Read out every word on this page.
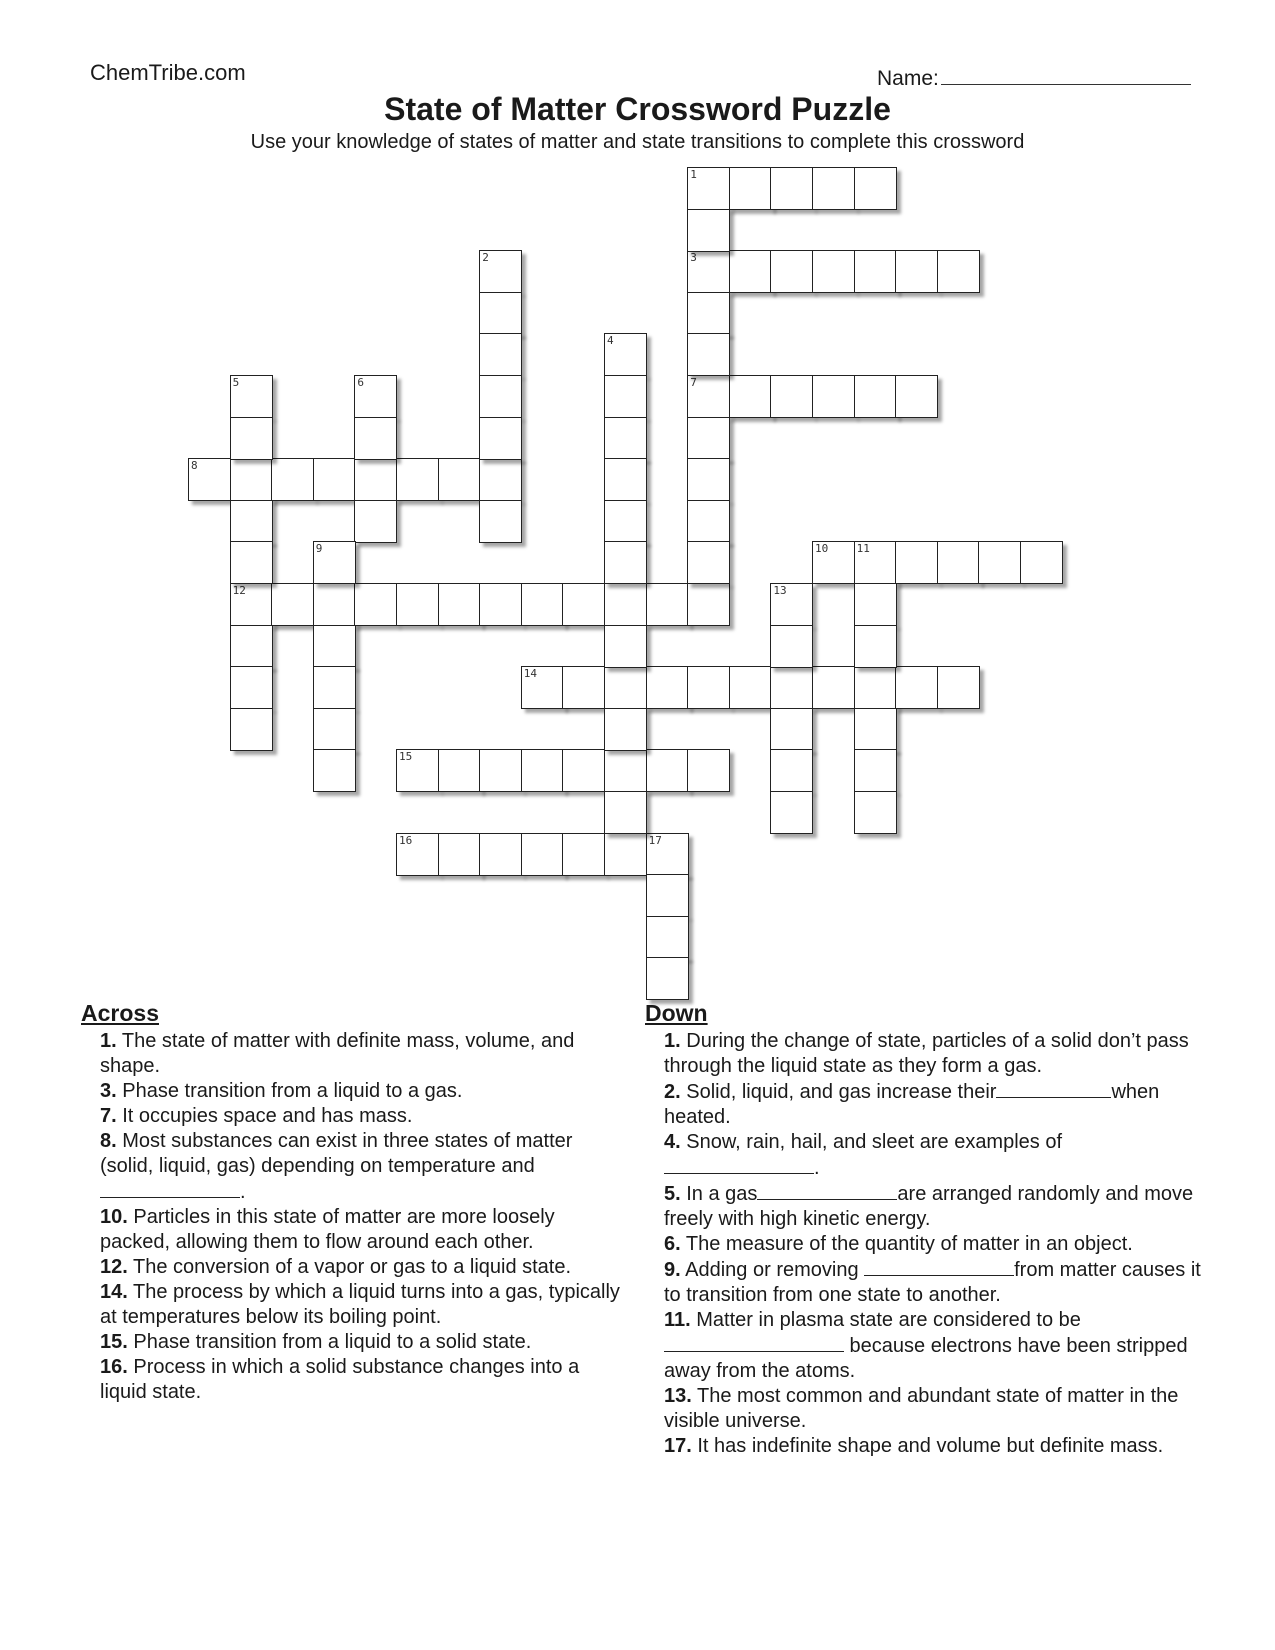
ChemTribe.com	Name:
State of Matter Crossword Puzzle
Use your knowledge of states of matter and state transitions to complete this crossword
1
3
7
8
10	11
12
14
15
16	17
2
4
5	6
9
13
Across
1. The state of matter with definite mass, volume, and shape.
3. Phase transition from a liquid to a gas.
7. It occupies space and has mass.
8. Most substances can exist in three states of matter (solid, liquid, gas) depending on temperature and.
10. Particles in this state of matter are more loosely packed, allowing them to flow around each other.
12. The conversion of a vapor or gas to a liquid state.
14. The process by which a liquid turns into a gas, typically at temperatures below its boiling point.
15. Phase transition from a liquid to a solid state.
16. Process in which a solid substance changes into a liquid state.
Down
1. During the change of state, particles of a solid don’t pass through the liquid state as they form a gas.
2. Solid, liquid, and gas increase their	when heated.
4. Snow, rain, hail, and sleet are examples of.
5. In a gas	are arranged randomly and move freely with high kinetic energy.
6. The measure of the quantity of matter in an object.
9. Adding or removing	from matter causes it to transition from one state to another.
11. Matter in plasma state are considered to be because electrons have been stripped away from the atoms.
13. The most common and abundant state of matter in the visible universe.
17. It has indefinite shape and volume but definite mass.
